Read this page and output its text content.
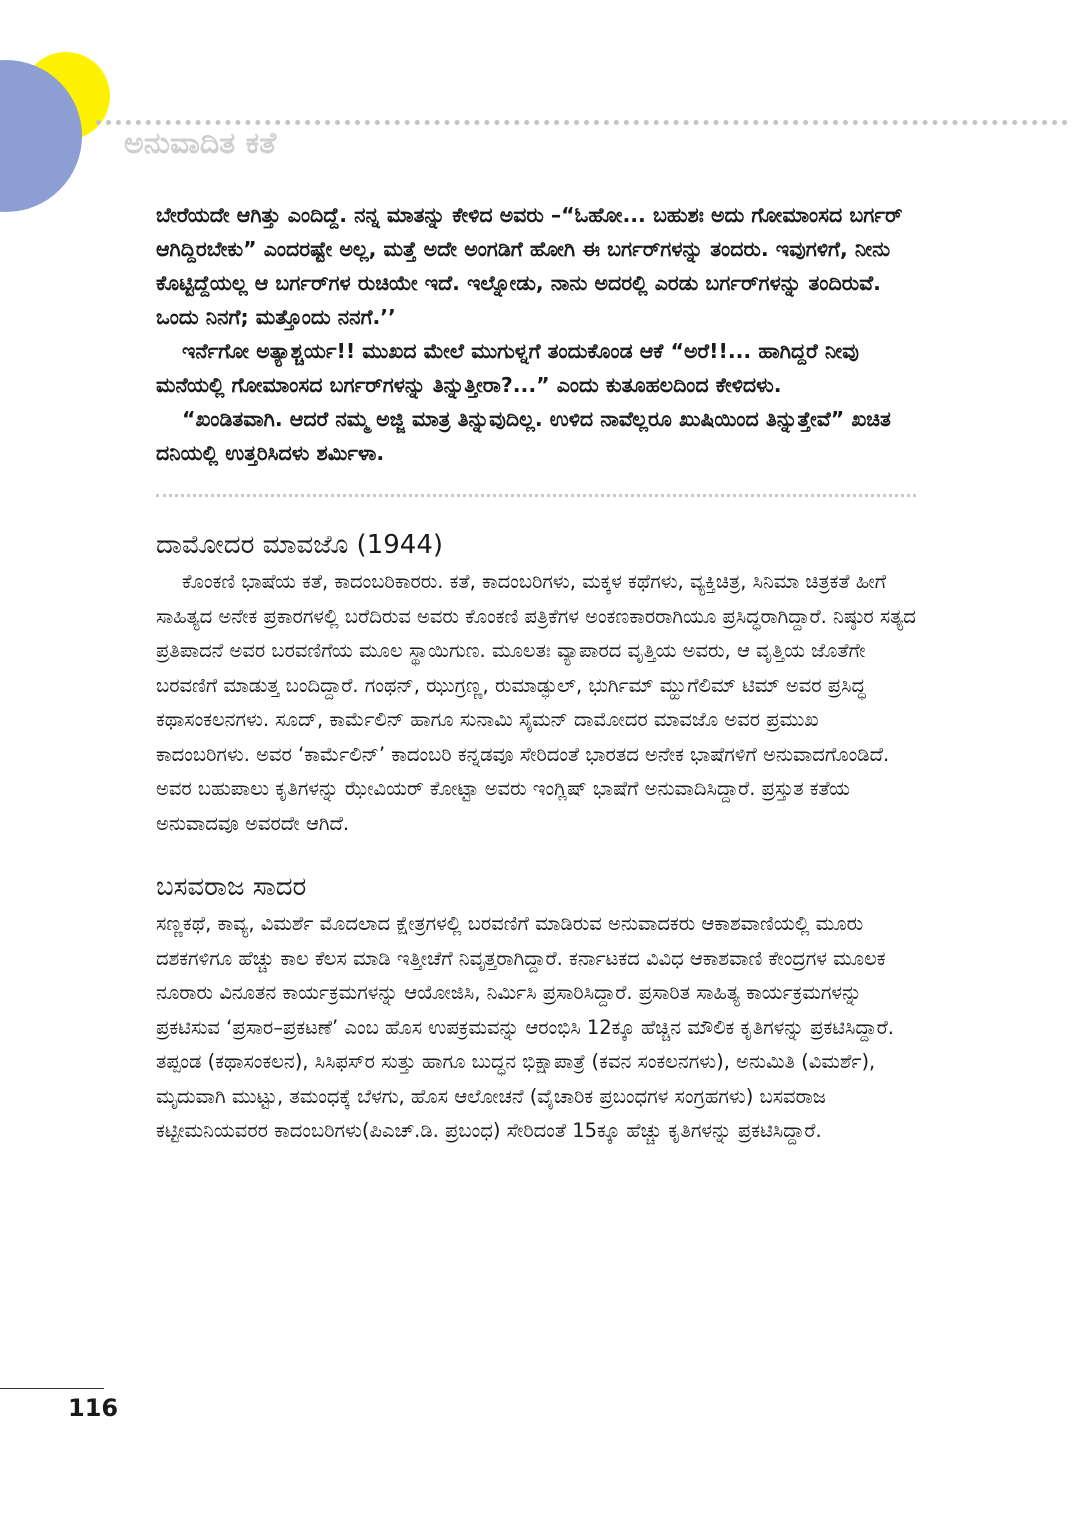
ಅನುವಾದಿತ ಕತೆ

ಬೇರೆಯದೇ ಆಗಿತ್ತು ಎಂದಿದ್ದೆ. ನನ್ನ ಮಾತನ್ನು ಕೇಳಿದ ಅವರು –“ಓಹೋ... ಬಹುಶಃ ಅದು ಗೋಮಾಂಸದ ಬರ್ಗರ್ ಆಗಿದ್ದಿರಬೇಕು” ಎಂದರಷ್ಟೇ ಅಲ್ಲ, ಮತ್ತೆ ಅದೇ ಅಂಗಡಿಗೆ ಹೋಗಿ ಈ ಬರ್ಗರ್‌ಗಳನ್ನು ತಂದರು. ಇವುಗಳಿಗೆ, ನೀನು ಕೊಟ್ಟಿದ್ದೆಯಲ್ಲ ಆ ಬರ್ಗರ್‌ಗಳ ರುಚಿಯೇ ಇದೆ. ಇಲ್ನೋಡು, ನಾನು ಅದರಲ್ಲಿ ಎರಡು ಬರ್ಗರ್‌ಗಳನ್ನು ತಂದಿರುವೆ. ಒಂದು ನಿನಗೆ; ಮತ್ತೊಂದು ನನಗೆ.’’

ಇರ್ನೆಗೋ ಅತ್ಯಾಶ್ಚರ್ಯ!! ಮುಖದ ಮೇಲೆ ಮುಗುಳ್ನಗೆ ತಂದುಕೊಂಡ ಆಕೆ “ಅರೆ!!... ಹಾಗಿದ್ದರೆ ನೀವು ಮನೆಯಲ್ಲಿ ಗೋಮಾಂಸದ ಬರ್ಗರ್‌ಗಳನ್ನು ತಿನ್ನುತ್ತೀರಾ?...” ಎಂದು ಕುತೂಹಲದಿಂದ ಕೇಳಿದಳು.

“ಖಂಡಿತವಾಗಿ. ಆದರೆ ನಮ್ಮ ಅಜ್ಜಿ ಮಾತ್ರ ತಿನ್ನುವುದಿಲ್ಲ. ಉಳಿದ ನಾವೆಲ್ಲರೂ ಖುಷಿಯಿಂದ ತಿನ್ನುತ್ತೇವೆ” ಖಚಿತ ದನಿಯಲ್ಲಿ ಉತ್ತರಿಸಿದಳು ಶರ್ಮಿಳಾ.

ದಾಮೋದರ ಮಾವಜೊ (1944)

ಕೊಂಕಣಿ ಭಾಷೆಯ ಕತೆ, ಕಾದಂಬರಿಕಾರರು. ಕತೆ, ಕಾದಂಬರಿಗಳು, ಮಕ್ಕಳ ಕಥೆಗಳು, ವ್ಯಕ್ತಿಚಿತ್ರ, ಸಿನಿಮಾ ಚಿತ್ರಕತೆ ಹೀಗೆ ಸಾಹಿತ್ಯದ ಅನೇಕ ಪ್ರಕಾರಗಳಲ್ಲಿ ಬರೆದಿರುವ ಅವರು ಕೊಂಕಣಿ ಪತ್ರಿಕೆಗಳ ಅಂಕಣಕಾರರಾಗಿಯೂ ಪ್ರಸಿದ್ಧರಾಗಿದ್ದಾರೆ. ನಿಷ್ಠುರ ಸತ್ಯದ ಪ್ರತಿಪಾದನೆ ಅವರ ಬರವಣಿಗೆಯ ಮೂಲ ಸ್ಥಾಯಿಗುಣ. ಮೂಲತಃ ವ್ಯಾಪಾರದ ವೃತ್ತಿಯ ಅವರು, ಆ ವೃತ್ತಿಯ ಜೊತೆಗೇ ಬರವಣಿಗೆ ಮಾಡುತ್ತ ಬಂದಿದ್ದಾರೆ. ಗಂಥನ್, ಝುಗ್ರಣ್ಣ, ರುಮಾಡ್ಫುಲ್, ಭುರ್ಗಿಮ್ ಮ್ಹುಗೆಲಿಮ್ ಟಿಮ್ ಅವರ ಪ್ರಸಿದ್ಧ ಕಥಾಸಂಕಲನಗಳು. ಸೂದ್, ಕಾರ್ಮೆಲಿನ್ ಹಾಗೂ ಸುನಾಮಿ ಸೈಮನ್ ದಾಮೋದರ ಮಾವಜೊ ಅವರ ಪ್ರಮುಖ ಕಾದಂಬರಿಗಳು. ಅವರ ‘ಕಾರ್ಮೆಲಿನ್’ ಕಾದಂಬರಿ ಕನ್ನಡವೂ ಸೇರಿದಂತೆ ಭಾರತದ ಅನೇಕ ಭಾಷೆಗಳಿಗೆ ಅನುವಾದಗೊಂಡಿದೆ. ಅವರ ಬಹುಪಾಲು ಕೃತಿಗಳನ್ನು ಝೇವಿಯರ್ ಕೋಟ್ಟಾ ಅವರು ಇಂಗ್ಲಿಷ್ ಭಾಷೆಗೆ ಅನುವಾದಿಸಿದ್ದಾರೆ. ಪ್ರಸ್ತುತ ಕತೆಯ ಅನುವಾದವೂ ಅವರದೇ ಆಗಿದೆ.

ಬಸವರಾಜ ಸಾದರ

ಸಣ್ಣಕಥೆ, ಕಾವ್ಯ, ವಿಮರ್ಶೆ ಮೊದಲಾದ ಕ್ಷೇತ್ರಗಳಲ್ಲಿ ಬರವಣಿಗೆ ಮಾಡಿರುವ ಅನುವಾದಕರು ಆಕಾಶವಾಣಿಯಲ್ಲಿ ಮೂರು ದಶಕಗಳಿಗೂ ಹೆಚ್ಚು ಕಾಲ ಕೆಲಸ ಮಾಡಿ ಇತ್ತೀಚೆಗೆ ನಿವೃತ್ತರಾಗಿದ್ದಾರೆ. ಕರ್ನಾಟಕದ ವಿವಿಧ ಆಕಾಶವಾಣಿ ಕೇಂದ್ರಗಳ ಮೂಲಕ ನೂರಾರು ವಿನೂತನ ಕಾರ್ಯಕ್ರಮಗಳನ್ನು ಆಯೋಜಿಸಿ, ನಿರ್ಮಿಸಿ ಪ್ರಸಾರಿಸಿದ್ದಾರೆ. ಪ್ರಸಾರಿತ ಸಾಹಿತ್ಯ ಕಾರ್ಯಕ್ರಮಗಳನ್ನು ಪ್ರಕಟಿಸುವ ‘ಪ್ರಸಾರ–ಪ್ರಕಟಣೆ’ ಎಂಬ ಹೊಸ ಉಪಕ್ರಮವನ್ನು ಆರಂಭಿಸಿ 12ಕ್ಕೂ ಹೆಚ್ಚಿನ ಮೌಲಿಕ ಕೃತಿಗಳನ್ನು ಪ್ರಕಟಿಸಿದ್ದಾರೆ.

ತಪ್ಪಂಡ (ಕಥಾಸಂಕಲನ), ಸಿಸಿಫಸ್‌ರ ಸುತ್ತು ಹಾಗೂ ಬುದ್ಧನ ಭಿಕ್ಷಾಪಾತ್ರೆ (ಕವನ ಸಂಕಲನಗಳು), ಅನುಮಿತಿ (ವಿಮರ್ಶೆ), ಮೃದುವಾಗಿ ಮುಟ್ಟು, ತಮಂಧಕ್ಕೆ ಬೆಳಗು, ಹೊಸ ಆಲೋಚನೆ (ವೈಚಾರಿಕ ಪ್ರಬಂಧಗಳ ಸಂಗ್ರಹಗಳು) ಬಸವರಾಜ ಕಟ್ಟೀಮನಿಯವರರ ಕಾದಂಬರಿಗಳು(ಪಿಎಚ್.ಡಿ. ಪ್ರಬಂಧ) ಸೇರಿದಂತೆ 15ಕ್ಕೂ ಹೆಚ್ಚು ಕೃತಿಗಳನ್ನು ಪ್ರಕಟಿಸಿದ್ದಾರೆ.

116
